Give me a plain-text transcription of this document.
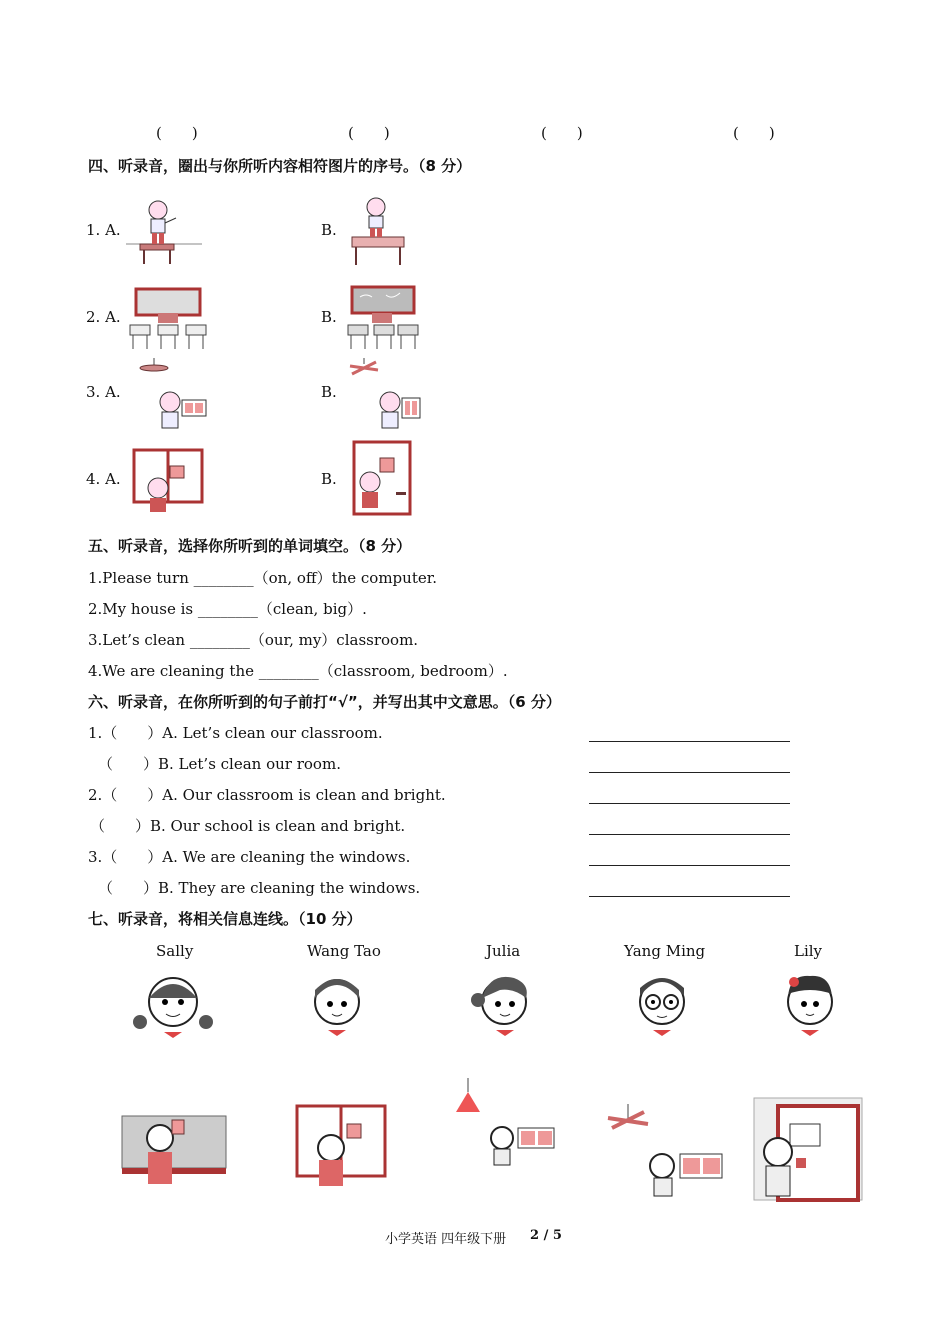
(　　)	(　　)	(　　)	(　　)
四、听录音，圈出与你所听内容相符图片的序号。（8 分）
1. A.	B.
2. A.	B.
3. A.	B.
4. A.	B.
五、听录音，选择你所听到的单词填空。（8 分）
1.Please turn ________（on, off）the computer.
2.My house is ________（clean, big）.
3.Let’s clean ________（our, my）classroom.
4.We are cleaning the ________（classroom, bedroom）.
六、听录音，在你所听到的句子前打“√”，并写出其中文意思。（6 分）
1.（　　）A. Let’s clean our classroom.
（　　）B. Let’s clean our room.
2.（　　）A. Our classroom is clean and bright.
（　　）B. Our school is clean and bright.
3.（　　）A. We are cleaning the windows.
（　　）B. They are cleaning the windows.
七、听录音，将相关信息连线。（10 分）
Sally	Wang Tao	Julia	Yang Ming	Lily
小学英语 四年级下册 2 / 5
